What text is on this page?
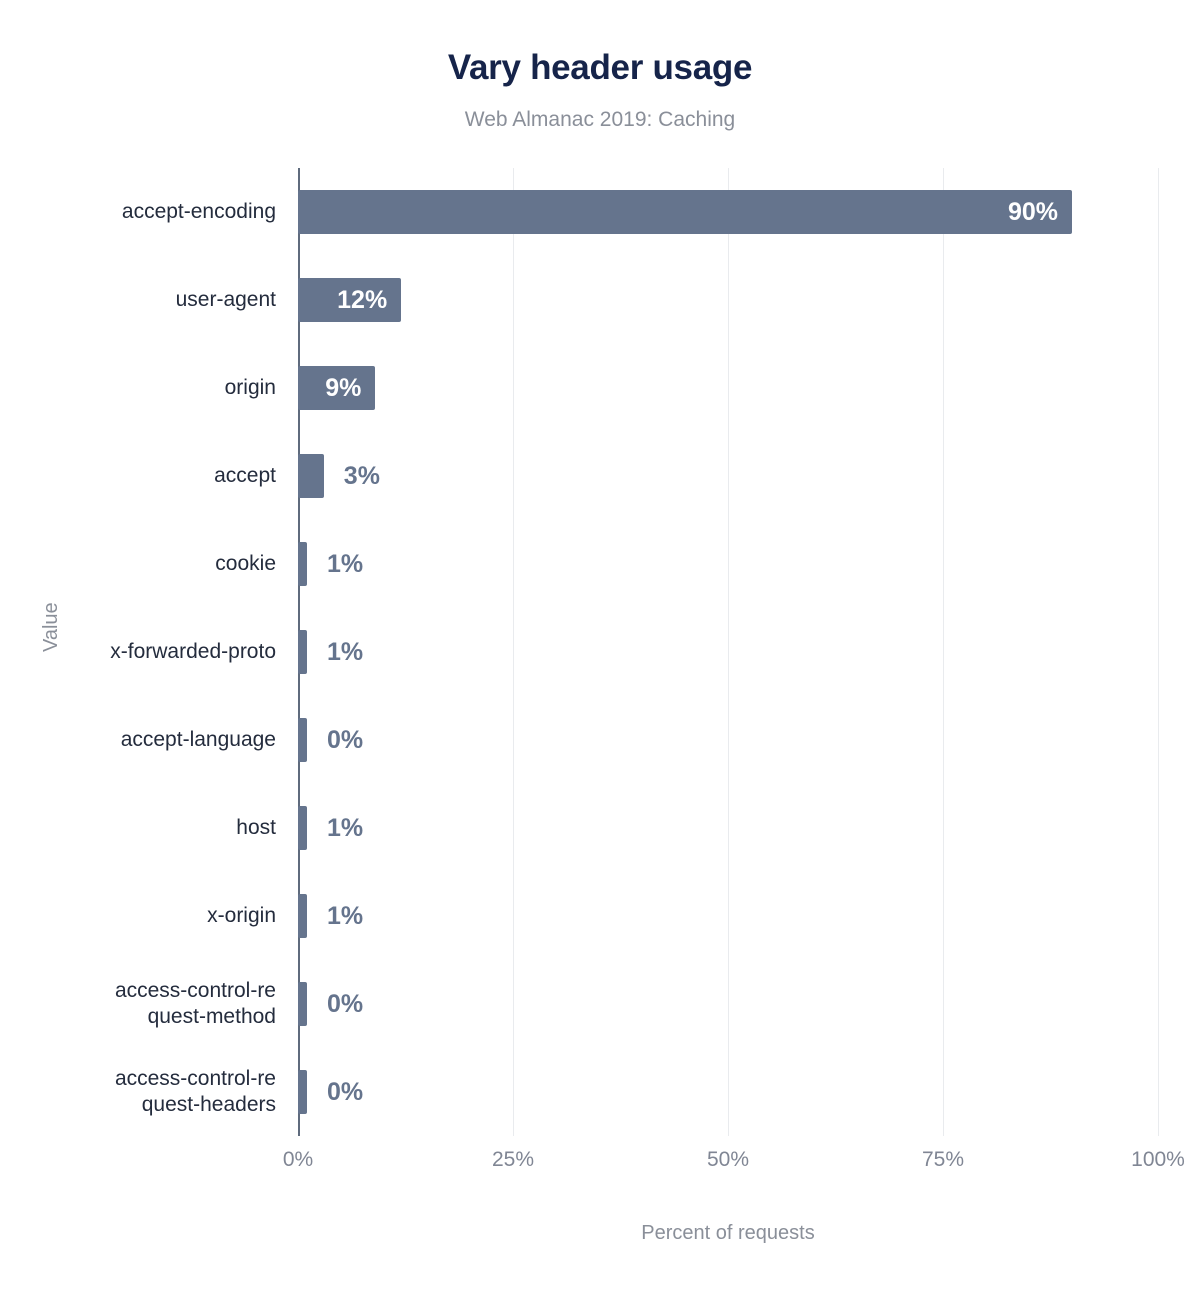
Vary header usage
Web Almanac 2019: Caching
Value
accept-encoding
user-agent
origin
accept
cookie
x-forwarded-proto
accept-language
host
x-origin
access-control-re
quest-method
access-control-re
quest-headers
90%
12%
9%
3%
1%
1%
0%
1%
1%
0%
0%
0%	25%	50%	75%	100%
Percent of requests
